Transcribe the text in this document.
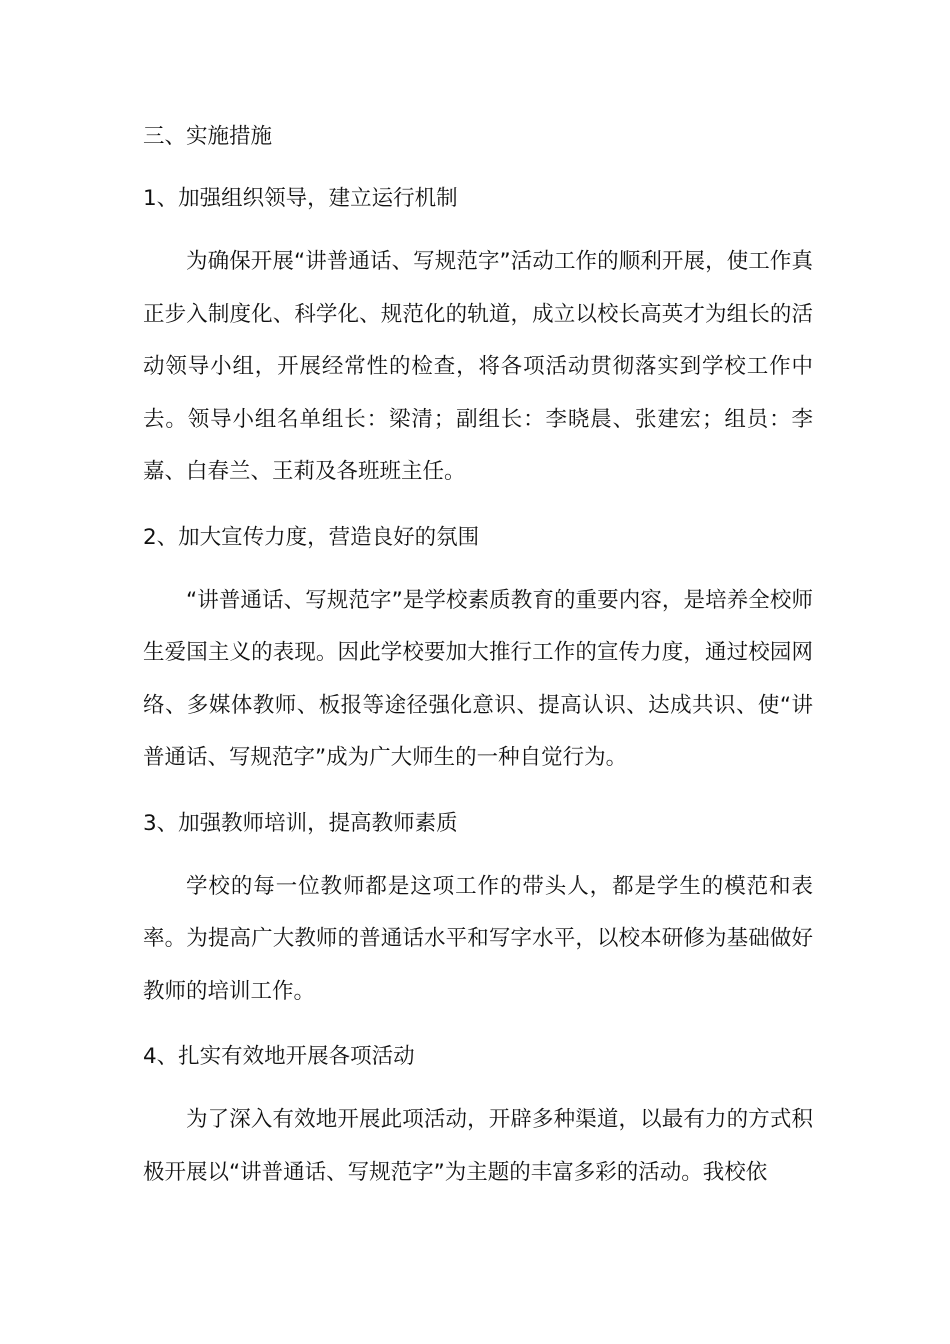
三、实施措施

1、加强组织领导，建立运行机制

为确保开展“讲普通话、写规范字”活动工作的顺利开展，使工作真正步入制度化、科学化、规范化的轨道，成立以校长高英才为组长的活动领导小组，开展经常性的检查，将各项活动贯彻落实到学校工作中去。领导小组名单组长：梁清；副组长：李晓晨、张建宏；组员：李嘉、白春兰、王莉及各班班主任。

2、加大宣传力度，营造良好的氛围

“讲普通话、写规范字”是学校素质教育的重要内容，是培养全校师生爱国主义的表现。因此学校要加大推行工作的宣传力度，通过校园网络、多媒体教师、板报等途径强化意识、提高认识、达成共识、使“讲普通话、写规范字”成为广大师生的一种自觉行为。

3、加强教师培训，提高教师素质

学校的每一位教师都是这项工作的带头人，都是学生的模范和表率。为提高广大教师的普通话水平和写字水平，以校本研修为基础做好教师的培训工作。

4、扎实有效地开展各项活动

为了深入有效地开展此项活动，开辟多种渠道，以最有力的方式积极开展以“讲普通话、写规范字”为主题的丰富多彩的活动。我校依
